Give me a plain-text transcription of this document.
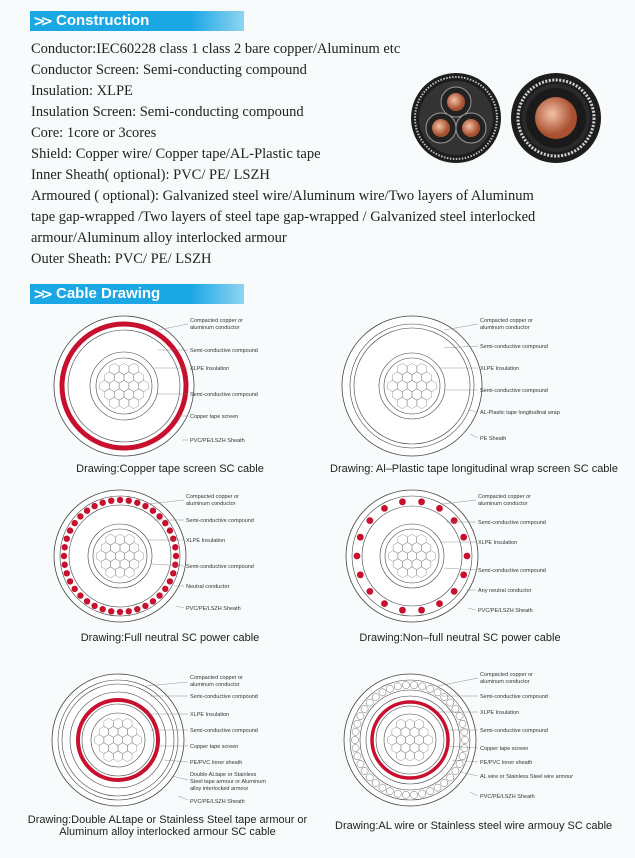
>> Construction
Conductor:IEC60228 class 1 class 2 bare copper/Aluminum etc
Conductor Screen: Semi-conducting compound
Insulation: XLPE
Insulation Screen: Semi-conducting compound
Core: 1core or 3cores
Shield: Copper wire/ Copper tape/AL-Plastic tape
Inner Sheath( optional): PVC/ PE/ LSZH
Armoured ( optional): Galvanized steel wire/Aluminum wire/Two layers of Aluminum
tape gap-wrapped /Two layers of steel tape gap-wrapped / Galvanized steel interlocked
armour/Aluminum alloy interlocked armour
Outer Sheath: PVC/ PE/ LSZH
>> Cable Drawing
Compacted copper or
aluminum conductor
Semi-conductive compound
XLPE Insulation
Semi-conductive compound
Copper tape screen
PVC/PE/LSZH Sheath
Drawing:Copper tape screen SC cable
Compacted copper or
aluminum conductor
Semi-conductive compound
XLPE Insulation
Semi-conductive compound
AL-Plastic tape longitudinal wrap
PE Sheath
Drawing: Al–Plastic tape longitudinal wrap screen SC cable
Compacted copper or
aluminum conductor
Semi-conductive compound
XLPE Insulation
Semi-conductive compound
Neutral conductor
PVC/PE/LSZH Sheath
Drawing:Full neutral SC power cable
Compacted copper or
aluminum conductor
Semi-conductive compound
XLPE Insulation
Semi-conductive compound
Any neutral conductor
PVC/PE/LSZH Sheath
Drawing:Non–full neutral SC power cable
Compacted copper or
aluminum conductor
Semi-conductive compound
XLPE Insulation
Semi-conductive compound
Copper tape screen
PE/PVC Inner sheath
Double ALtape or Stainless
Steel tape armour or Aluminum
alloy interlocked armour
PVC/PE/LSZH Sheath
Drawing:Double ALtape or Stainless Steel tape armour or
Aluminum alloy interlocked armour SC cable
Compacted copper or
aluminum conductor
Semi-conductive compound
XLPE Insulation
Semi-conductive compound
Copper tape screen
PE/PVC Inner sheath
AL wire or Stainless Steel wire armour
PVC/PE/LSZH Sheath
Drawing:AL wire or Stainless steel wire armouy SC cable
